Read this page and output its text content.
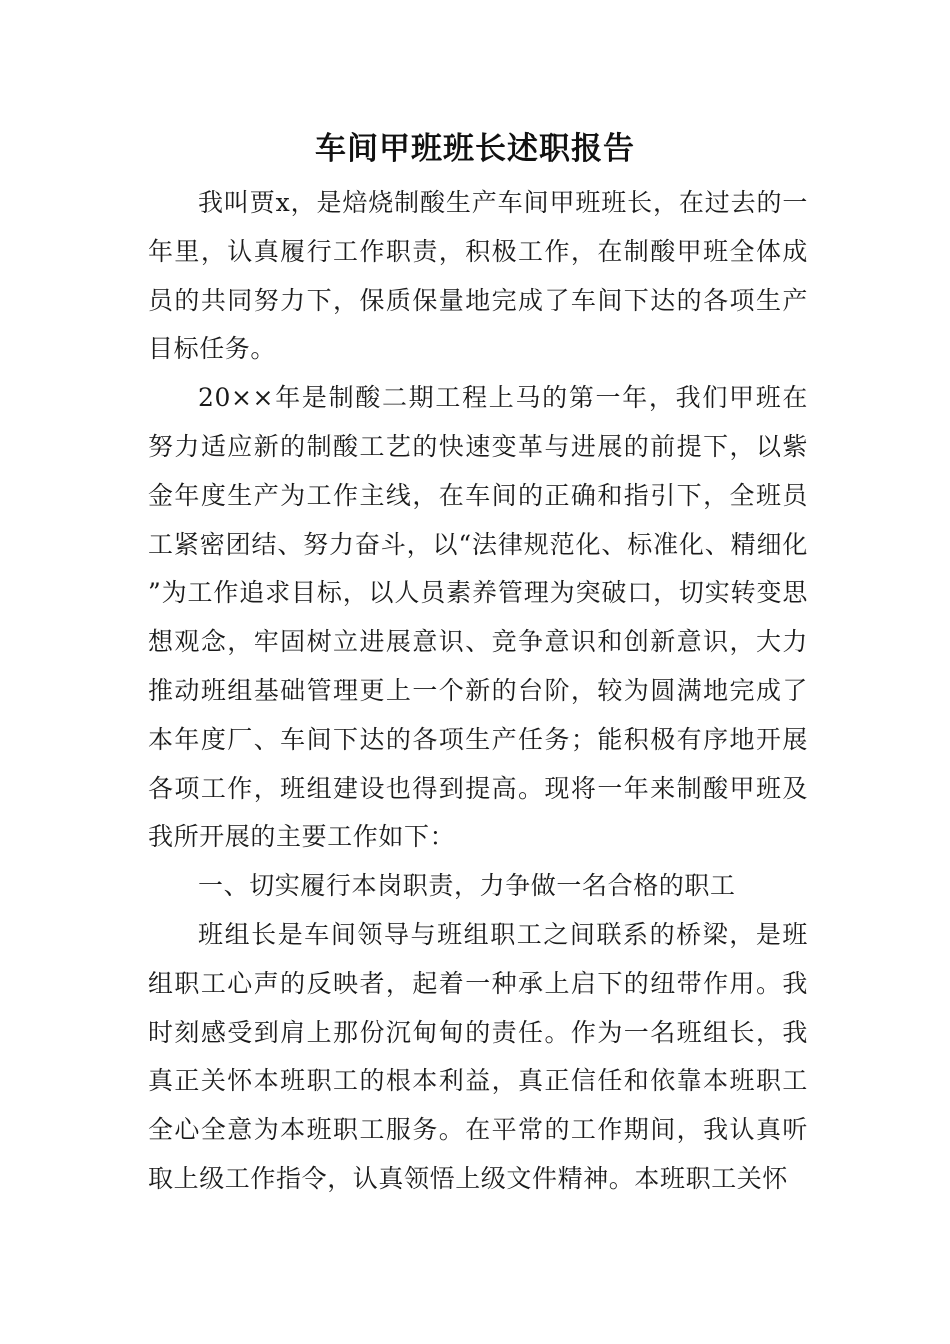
车间甲班班长述职报告

我叫贾x，是焙烧制酸生产车间甲班班长，在过去的一年里，认真履行工作职责，积极工作，在制酸甲班全体成员的共同努力下，保质保量地完成了车间下达的各项生产目标任务。

20××年是制酸二期工程上马的第一年，我们甲班在努力适应新的制酸工艺的快速变革与进展的前提下，以紫金年度生产为工作主线，在车间的正确和指引下，全班员工紧密团结、努力奋斗，以“法律规范化、标准化、精细化”为工作追求目标，以人员素养管理为突破口，切实转变思想观念，牢固树立进展意识、竞争意识和创新意识，大力推动班组基础管理更上一个新的台阶，较为圆满地完成了本年度厂、车间下达的各项生产任务；能积极有序地开展各项工作，班组建设也得到提高。现将一年来制酸甲班及我所开展的主要工作如下：

一、切实履行本岗职责，力争做一名合格的职工

班组长是车间领导与班组职工之间联系的桥梁，是班组职工心声的反映者，起着一种承上启下的纽带作用。我时刻感受到肩上那份沉甸甸的责任。作为一名班组长，我真正关怀本班职工的根本利益，真正信任和依靠本班职工全心全意为本班职工服务。在平常的工作期间，我认真听取上级工作指令，认真领悟上级文件精神。本班职工关怀
